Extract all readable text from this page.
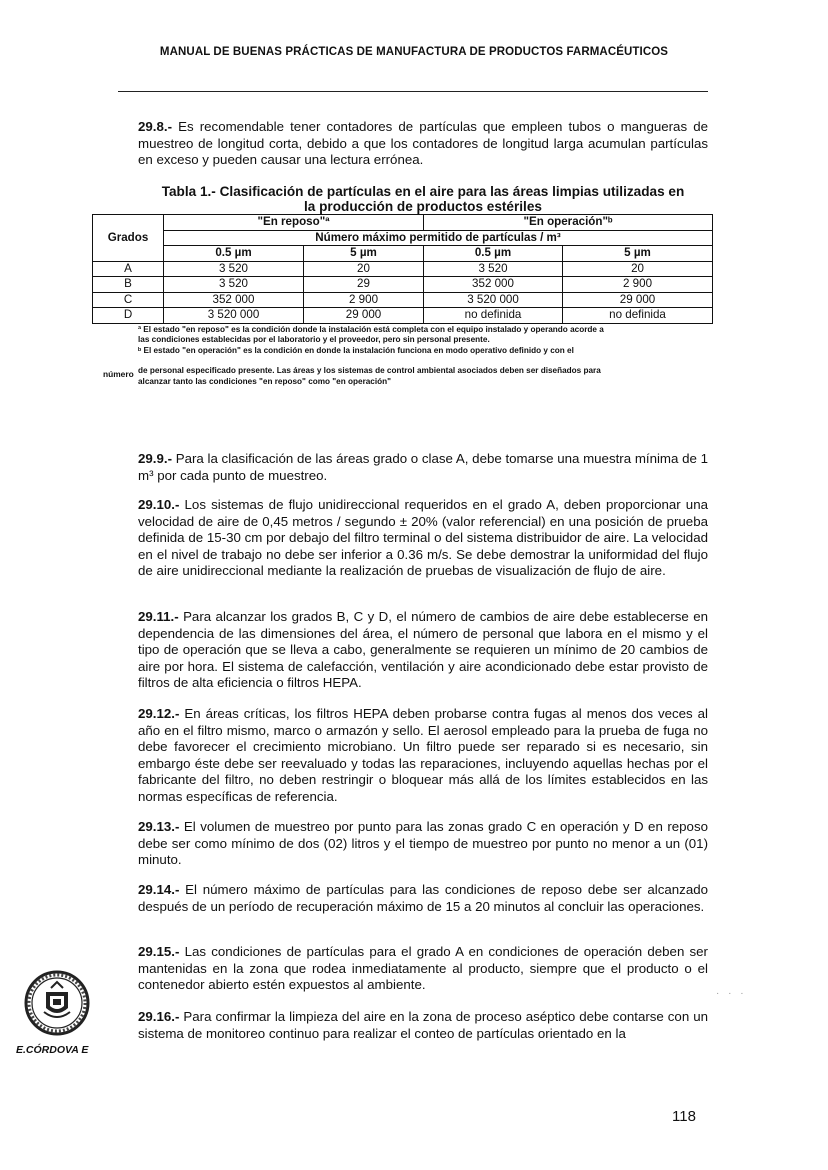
MANUAL DE BUENAS PRÁCTICAS DE MANUFACTURA DE PRODUCTOS FARMACÉUTICOS

29.8.- Es recomendable tener contadores de partículas que empleen tubos o mangueras de muestreo de longitud corta, debido a que los contadores de longitud larga acumulan partículas en exceso y pueden causar una lectura errónea.

Tabla 1.- Clasificación de partículas en el aire para las áreas limpias utilizadas en
la producción de productos estériles
Grados	"En reposo"ª		"En operación"ᵇ	
	Número máximo permitido de partículas / m³			
	0.5 µm	5 µm	0.5 µm	5 µm
A	3 520	20	3 520	20
B	3 520	29	352 000	2 900
C	352 000	2 900	3 520 000	29 000
D	3 520 000	29 000	no definida	no definida

ª El estado "en reposo" es la condición donde la instalación está completa con el equipo instalado y operando acorde a

las condiciones establecidas por el laboratorio y el proveedor, pero sin personal presente.

ᵇ El estado "en operación" es la condición en donde la instalación funciona en modo operativo definido y con el

de personal especificado presente. Las áreas y los sistemas de control ambiental asociados deben ser diseñados para

alcanzar tanto las condiciones "en reposo" como "en operación"

número

29.9.- Para la clasificación de las áreas grado o clase A, debe tomarse una muestra mínima de 1 m³ por cada punto de muestreo.

29.10.- Los sistemas de flujo unidireccional requeridos en el grado A, deben proporcionar una velocidad de aire de 0,45 metros / segundo ± 20% (valor referencial) en una posición de prueba definida de 15-30 cm por debajo del filtro terminal o del sistema distribuidor de aire. La velocidad en el nivel de trabajo no debe ser inferior a 0.36 m/s. Se debe demostrar la uniformidad del flujo de aire unidireccional mediante la realización de pruebas de visualización de flujo de aire.

29.11.- Para alcanzar los grados B, C y D, el número de cambios de aire debe establecerse en dependencia de las dimensiones del área, el número de personal que labora en el mismo y el tipo de operación que se lleva a cabo, generalmente se requieren un mínimo de 20 cambios de aire por hora. El sistema de calefacción, ventilación y aire acondicionado debe estar provisto de filtros de alta eficiencia o filtros HEPA.

29.12.- En áreas críticas, los filtros HEPA deben probarse contra fugas al menos dos veces al año en el filtro mismo, marco o armazón y sello. El aerosol empleado para la prueba de fuga no debe favorecer el crecimiento microbiano. Un filtro puede ser reparado si es necesario, sin embargo éste debe ser reevaluado y todas las reparaciones, incluyendo aquellas hechas por el fabricante del filtro, no deben restringir o bloquear más allá de los límites establecidos en las normas específicas de referencia.

29.13.- El volumen de muestreo por punto para las zonas grado C en operación y D en reposo debe ser como mínimo de dos (02) litros y el tiempo de muestreo por punto no menor a un (01) minuto.

29.14.- El número máximo de partículas para las condiciones de reposo debe ser alcanzado después de un período de recuperación máximo de 15 a 20 minutos al concluir las operaciones.

29.15.- Las condiciones de partículas para el grado A en condiciones de operación deben ser mantenidas en la zona que rodea inmediatamente al producto, siempre que el producto o el contenedor abierto estén expuestos al ambiente.

29.16.- Para confirmar la limpieza del aire en la zona de proceso aséptico debe contarse con un sistema de monitoreo continuo para realizar el conteo de partículas orientado en la

E.CÓRDOVA E
· · ·
118
